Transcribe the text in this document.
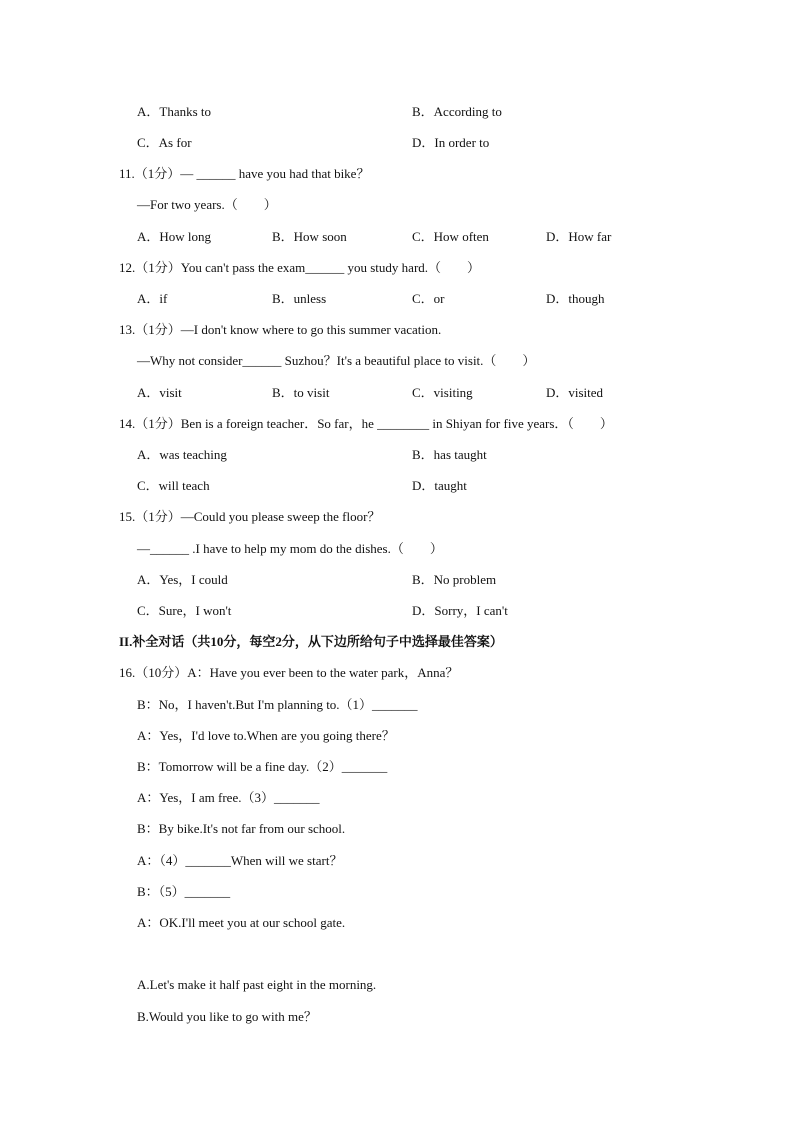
A．Thanks to	B．According to
C．As for	D．In order to
11.（1分）— ______ have you had that bike？
—For two years.（　　）
A．How long	B．How soon	C．How often	D．How far
12.（1分）You can't pass the exam______ you study hard.（　　）
A．if	B．unless	C．or	D．though
13.（1分）—I don't know where to go this summer vacation.
—Why not consider______ Suzhou？It's a beautiful place to visit.（　　）
A．visit	B．to visit	C．visiting	D．visited
14.（1分）Ben is a foreign teacher．So far，he ________ in Shiyan for five years．（　　）
A．was teaching	B．has taught
C．will teach	D．taught
15.（1分）—Could you please sweep the floor？
—______ .I have to help my mom do the dishes.（　　）
A．Yes，I could	B．No problem
C．Sure，I won't	D．Sorry，I can't
II.补全对话（共10分，每空2分，从下边所给句子中选择最佳答案）
16.（10分）A：Have you ever been to the water park，Anna？
B：No，I haven't.But I'm planning to.（1）_______
A：Yes，I'd love to.When are you going there？
B：Tomorrow will be a fine day.（2）_______
A：Yes，I am free.（3）_______
B：By bike.It's not far from our school.
A：（4）_______When will we start？
B：（5）_______
A：OK.I'll meet you at our school gate.
A.Let's make it half past eight in the morning.
B.Would you like to go with me？
